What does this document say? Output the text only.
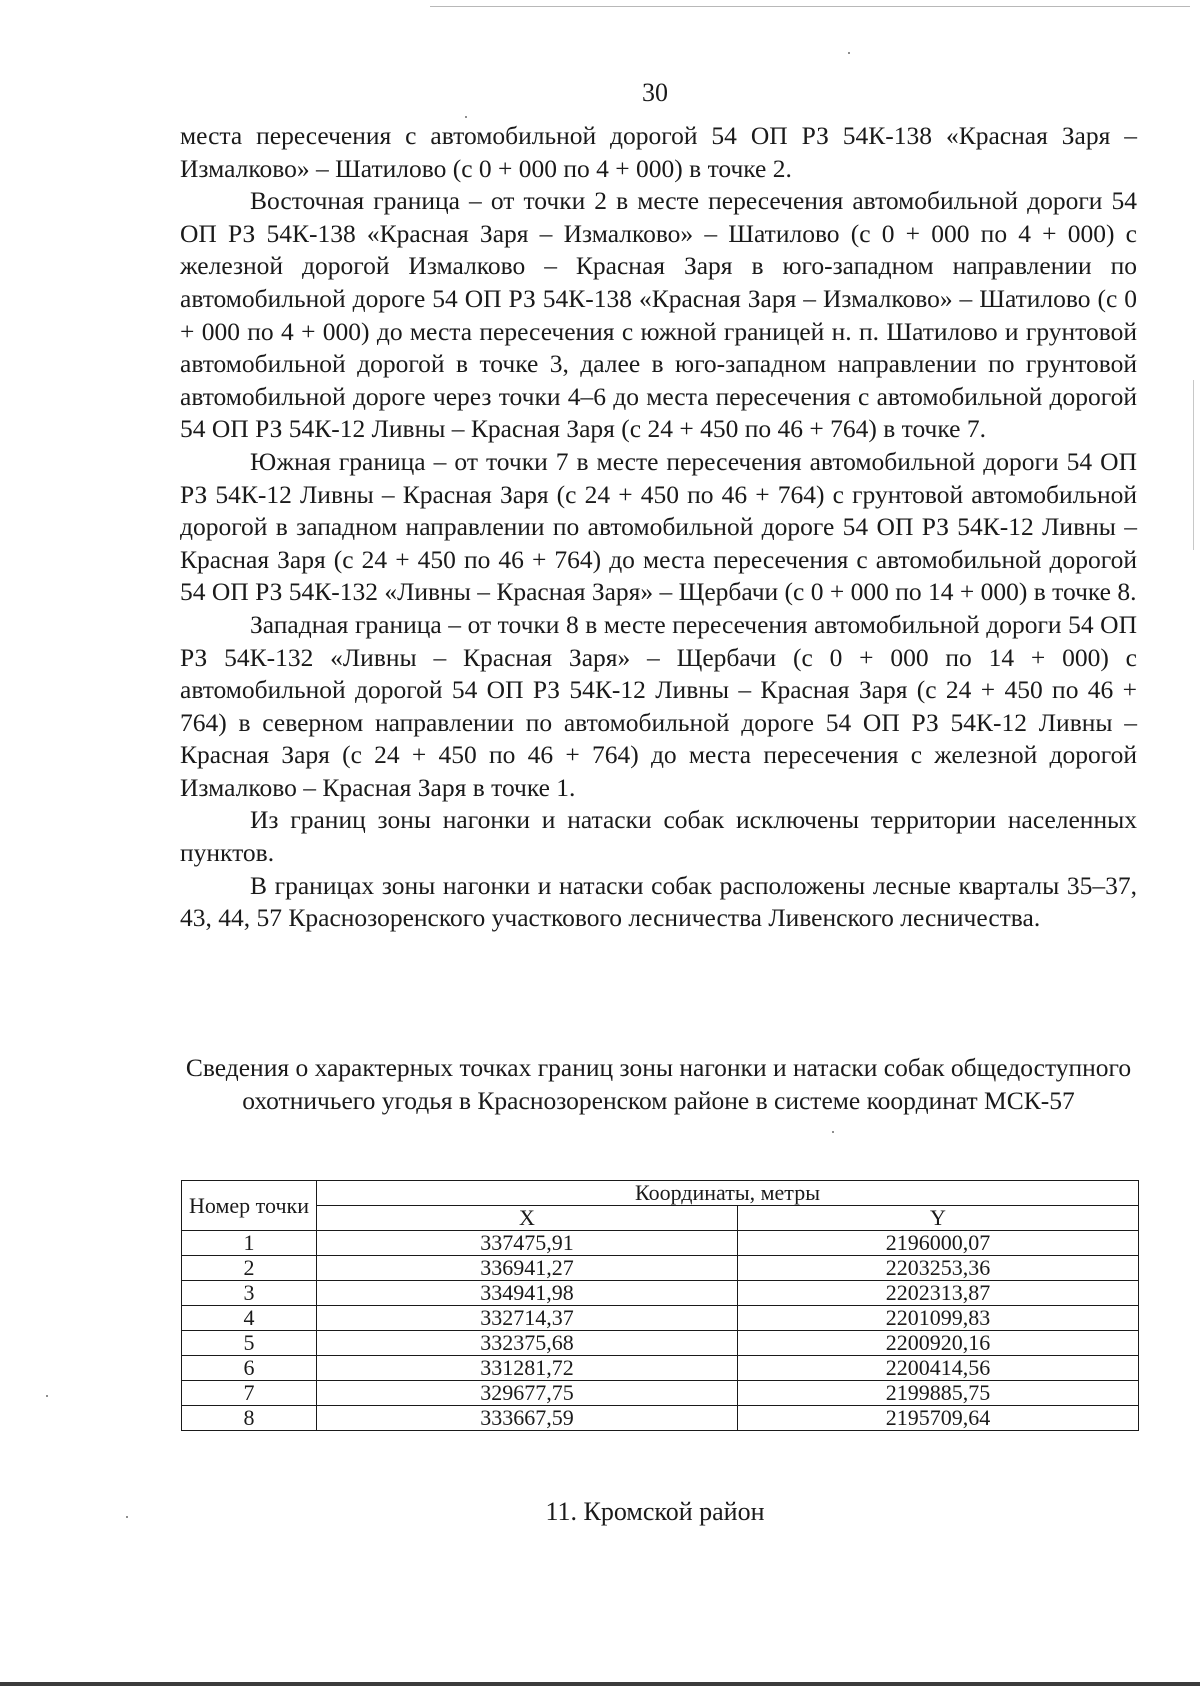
30

места пересечения с автомобильной дорогой 54 ОП РЗ 54К-138 «Красная Заря – Измалково» – Шатилово (с 0 + 000 по 4 + 000) в точке 2.

Восточная граница – от точки 2 в месте пересечения автомобильной дороги 54 ОП РЗ 54К-138 «Красная Заря – Измалково» – Шатилово (с 0 + 000 по 4 + 000) с железной дорогой Измалково – Красная Заря в юго-западном направлении по автомобильной дороге 54 ОП РЗ 54К-138 «Красная Заря – Измалково» – Шатилово (с 0 + 000 по 4 + 000) до места пересечения с южной границей н. п. Шатилово и грунтовой автомобильной дорогой в точке 3, далее в юго-западном направлении по грунтовой автомобильной дороге через точки 4–6 до места пересечения с автомобильной дорогой 54 ОП РЗ 54К-12 Ливны – Красная Заря (с 24 + 450 по 46 + 764) в точке 7.

Южная граница – от точки 7 в месте пересечения автомобильной дороги 54 ОП РЗ 54К-12 Ливны – Красная Заря (с 24 + 450 по 46 + 764) с грунтовой автомобильной дорогой в западном направлении по автомобильной дороге 54 ОП РЗ 54К-12 Ливны – Красная Заря (с 24 + 450 по 46 + 764) до места пересечения с автомобильной дорогой 54 ОП РЗ 54К-132 «Ливны – Красная Заря» – Щербачи (с 0 + 000 по 14 + 000) в точке 8.

Западная граница – от точки 8 в месте пересечения автомобильной дороги 54 ОП РЗ 54К-132 «Ливны – Красная Заря» – Щербачи (с 0 + 000 по 14 + 000) с автомобильной дорогой 54 ОП РЗ 54К-12 Ливны – Красная Заря (с 24 + 450 по 46 + 764) в северном направлении по автомобильной дороге 54 ОП РЗ 54К-12 Ливны – Красная Заря (с 24 + 450 по 46 + 764) до места пересечения с железной дорогой Измалково – Красная Заря в точке 1.

Из границ зоны нагонки и натаски собак исключены территории населенных пунктов.

В границах зоны нагонки и натаски собак расположены лесные кварталы 35–37, 43, 44, 57 Краснозоренского участкового лесничества Ливенского лесничества.

Сведения о характерных точках границ зоны нагонки и натаски собак общедоступного охотничьего угодья в Краснозоренском районе в системе координат МСК-57
Номер точки	Координаты, метры	
	X	Y
1	337475,91	2196000,07
2	336941,27	2203253,36
3	334941,98	2202313,87
4	332714,37	2201099,83
5	332375,68	2200920,16
6	331281,72	2200414,56
7	329677,75	2199885,75
8	333667,59	2195709,64
11. Кромской район
